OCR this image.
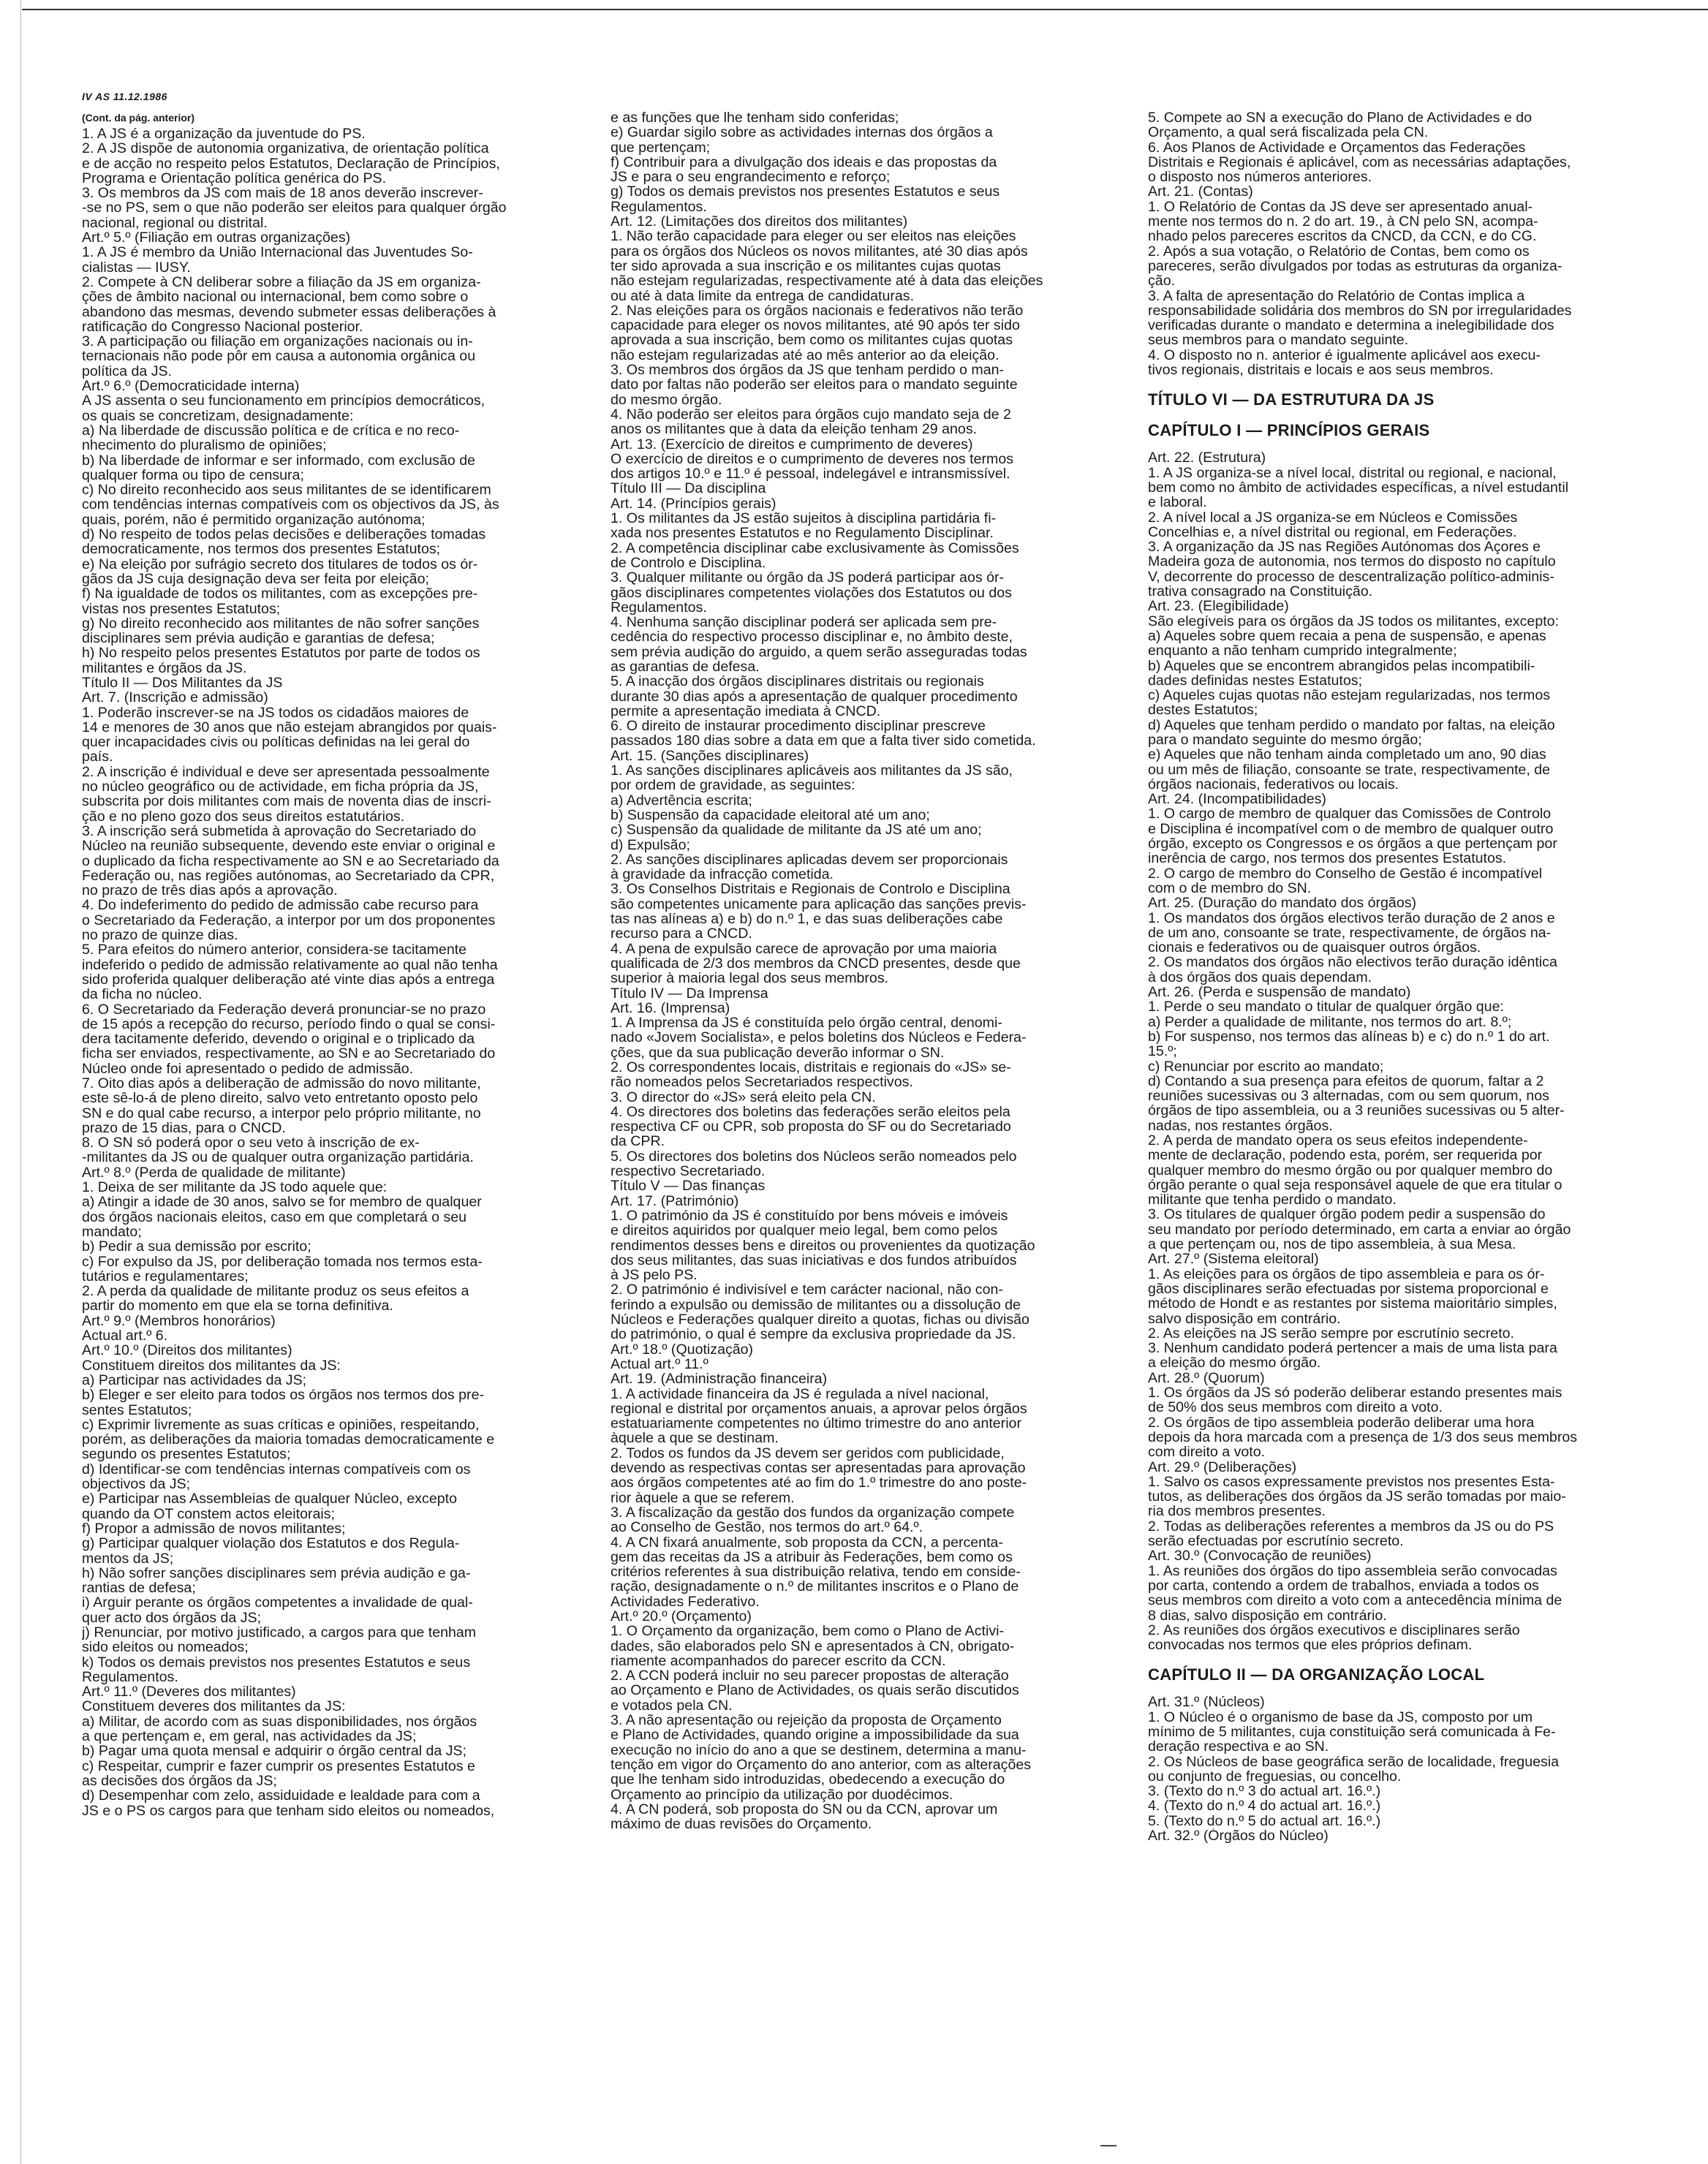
IV AS 11.12.1986
(Cont. da pág. anterior)
1. A JS é a organização da juventude do PS.
2. A JS dispõe de autonomia organizativa, de orientação política
e de acção no respeito pelos Estatutos, Declaração de Princípios,
Programa e Orientação política genérica do PS.
3. Os membros da JS com mais de 18 anos deverão inscrever-
-se no PS, sem o que não poderão ser eleitos para qualquer órgão
nacional, regional ou distrital.
Art.º 5.º (Filiação em outras organizações)
1. A JS é membro da União Internacional das Juventudes So-
cialistas — IUSY.
2. Compete à CN deliberar sobre a filiação da JS em organiza-
ções de âmbito nacional ou internacional, bem como sobre o
abandono das mesmas, devendo submeter essas deliberações à
ratificação do Congresso Nacional posterior.
3. A participação ou filiação em organizações nacionais ou in-
ternacionais não pode pôr em causa a autonomia orgânica ou
política da JS.
Art.º 6.º (Democraticidade interna)
A JS assenta o seu funcionamento em princípios democráticos,
os quais se concretizam, designadamente:
a) Na liberdade de discussão política e de crítica e no reco-
nhecimento do pluralismo de opiniões;
b) Na liberdade de informar e ser informado, com exclusão de
qualquer forma ou tipo de censura;
c) No direito reconhecido aos seus militantes de se identificarem
com tendências internas compatíveis com os objectivos da JS, às
quais, porém, não é permitido organização autónoma;
d) No respeito de todos pelas decisões e deliberações tomadas
democraticamente, nos termos dos presentes Estatutos;
e) Na eleição por sufrágio secreto dos titulares de todos os ór-
gãos da JS cuja designação deva ser feita por eleição;
f) Na igualdade de todos os militantes, com as excepções pre-
vistas nos presentes Estatutos;
g) No direito reconhecido aos militantes de não sofrer sanções
disciplinares sem prévia audição e garantias de defesa;
h) No respeito pelos presentes Estatutos por parte de todos os
militantes e órgãos da JS.
Título II — Dos Militantes da JS
Art. 7. (Inscrição e admissão)
1. Poderão inscrever-se na JS todos os cidadãos maiores de
14 e menores de 30 anos que não estejam abrangidos por quais-
quer incapacidades civis ou políticas definidas na lei geral do
país.
2. A inscrição é individual e deve ser apresentada pessoalmente
no núcleo geográfico ou de actividade, em ficha própria da JS,
subscrita por dois militantes com mais de noventa dias de inscri-
ção e no pleno gozo dos seus direitos estatutários.
3. A inscrição será submetida à aprovação do Secretariado do
Núcleo na reunião subsequente, devendo este enviar o original e
o duplicado da ficha respectivamente ao SN e ao Secretariado da
Federação ou, nas regiões autónomas, ao Secretariado da CPR,
no prazo de três dias após a aprovação.
4. Do indeferimento do pedido de admissão cabe recurso para
o Secretariado da Federação, a interpor por um dos proponentes
no prazo de quinze dias.
5. Para efeitos do número anterior, considera-se tacitamente
indeferido o pedido de admissão relativamente ao qual não tenha
sido proferida qualquer deliberação até vinte dias após a entrega
da ficha no núcleo.
6. O Secretariado da Federação deverá pronunciar-se no prazo
de 15 após a recepção do recurso, período findo o qual se consi-
dera tacitamente deferido, devendo o original e o triplicado da
ficha ser enviados, respectivamente, ao SN e ao Secretariado do
Núcleo onde foi apresentado o pedido de admissão.
7. Oito dias após a deliberação de admissão do novo militante,
este sê-lo-á de pleno direito, salvo veto entretanto oposto pelo
SN e do qual cabe recurso, a interpor pelo próprio militante, no
prazo de 15 dias, para o CNCD.
8. O SN só poderá opor o seu veto à inscrição de ex-
-militantes da JS ou de qualquer outra organização partidária.
Art.º 8.º (Perda de qualidade de militante)
1. Deixa de ser militante da JS todo aquele que:
a) Atingir a idade de 30 anos, salvo se for membro de qualquer
dos órgãos nacionais eleitos, caso em que completará o seu
mandato;
b) Pedir a sua demissão por escrito;
c) For expulso da JS, por deliberação tomada nos termos esta-
tutários e regulamentares;
2. A perda da qualidade de militante produz os seus efeitos a
partir do momento em que ela se torna definitiva.
Art.º 9.º (Membros honorários)
Actual art.º 6.
Art.º 10.º (Direitos dos militantes)
Constituem direitos dos militantes da JS:
a) Participar nas actividades da JS;
b) Eleger e ser eleito para todos os órgãos nos termos dos pre-
sentes Estatutos;
c) Exprimir livremente as suas críticas e opiniões, respeitando,
porém, as deliberações da maioria tomadas democraticamente e
segundo os presentes Estatutos;
d) Identificar-se com tendências internas compatíveis com os
objectivos da JS;
e) Participar nas Assembleias de qualquer Núcleo, excepto
quando da OT constem actos eleitorais;
f) Propor a admissão de novos militantes;
g) Participar qualquer violação dos Estatutos e dos Regula-
mentos da JS;
h) Não sofrer sanções disciplinares sem prévia audição e ga-
rantias de defesa;
i) Arguir perante os órgãos competentes a invalidade de qual-
quer acto dos órgãos da JS;
j) Renunciar, por motivo justificado, a cargos para que tenham
sido eleitos ou nomeados;
k) Todos os demais previstos nos presentes Estatutos e seus
Regulamentos.
Art.º 11.º (Deveres dos militantes)
Constituem deveres dos militantes da JS:
a) Militar, de acordo com as suas disponibilidades, nos órgãos
a que pertençam e, em geral, nas actividades da JS;
b) Pagar uma quota mensal e adquirir o órgão central da JS;
c) Respeitar, cumprir e fazer cumprir os presentes Estatutos e
as decisões dos órgãos da JS;
d) Desempenhar com zelo, assiduidade e lealdade para com a
JS e o PS os cargos para que tenham sido eleitos ou nomeados,
e as funções que lhe tenham sido conferidas;
e) Guardar sigilo sobre as actividades internas dos órgãos a
que pertençam;
f) Contribuir para a divulgação dos ideais e das propostas da
JS e para o seu engrandecimento e reforço;
g) Todos os demais previstos nos presentes Estatutos e seus
Regulamentos.
Art. 12. (Limitações dos direitos dos militantes)
1. Não terão capacidade para eleger ou ser eleitos nas eleições
para os órgãos dos Núcleos os novos militantes, até 30 dias após
ter sido aprovada a sua inscrição e os militantes cujas quotas
não estejam regularizadas, respectivamente até à data das eleições
ou até à data limite da entrega de candidaturas.
2. Nas eleições para os órgãos nacionais e federativos não terão
capacidade para eleger os novos militantes, até 90 após ter sido
aprovada a sua inscrição, bem como os militantes cujas quotas
não estejam regularizadas até ao mês anterior ao da eleição.
3. Os membros dos órgãos da JS que tenham perdido o man-
dato por faltas não poderão ser eleitos para o mandato seguinte
do mesmo órgão.
4. Não poderão ser eleitos para órgãos cujo mandato seja de 2
anos os militantes que à data da eleição tenham 29 anos.
Art. 13. (Exercício de direitos e cumprimento de deveres)
O exercício de direitos e o cumprimento de deveres nos termos
dos artigos 10.º e 11.º é pessoal, indelegável e intransmissível.
Título III — Da disciplina
Art. 14. (Princípios gerais)
1. Os militantes da JS estão sujeitos à disciplina partidária fi-
xada nos presentes Estatutos e no Regulamento Disciplinar.
2. A competência disciplinar cabe exclusivamente às Comissões
de Controlo e Disciplina.
3. Qualquer militante ou órgão da JS poderá participar aos ór-
gãos disciplinares competentes violações dos Estatutos ou dos
Regulamentos.
4. Nenhuma sanção disciplinar poderá ser aplicada sem pre-
cedência do respectivo processo disciplinar e, no âmbito deste,
sem prévia audição do arguido, a quem serão asseguradas todas
as garantias de defesa.
5. A inacção dos órgãos disciplinares distritais ou regionais
durante 30 dias após a apresentação de qualquer procedimento
permite a apresentação imediata à CNCD.
6. O direito de instaurar procedimento disciplinar prescreve
passados 180 dias sobre a data em que a falta tiver sido cometida.
Art. 15. (Sanções disciplinares)
1. As sanções disciplinares aplicáveis aos militantes da JS são,
por ordem de gravidade, as seguintes:
a) Advertência escrita;
b) Suspensão da capacidade eleitoral até um ano;
c) Suspensão da qualidade de militante da JS até um ano;
d) Expulsão;
2. As sanções disciplinares aplicadas devem ser proporcionais
à gravidade da infracção cometida.
3. Os Conselhos Distritais e Regionais de Controlo e Disciplina
são competentes unicamente para aplicação das sanções previs-
tas nas alíneas a) e b) do n.º 1, e das suas deliberações cabe
recurso para a CNCD.
4. A pena de expulsão carece de aprovação por uma maioria
qualificada de 2/3 dos membros da CNCD presentes, desde que
superior à maioria legal dos seus membros.
Título IV — Da Imprensa
Art. 16. (Imprensa)
1. A Imprensa da JS é constituída pelo órgão central, denomi-
nado «Jovem Socialista», e pelos boletins dos Núcleos e Federa-
ções, que da sua publicação deverão informar o SN.
2. Os correspondentes locais, distritais e regionais do «JS» se-
rão nomeados pelos Secretariados respectivos.
3. O director do «JS» será eleito pela CN.
4. Os directores dos boletins das federações serão eleitos pela
respectiva CF ou CPR, sob proposta do SF ou do Secretariado
da CPR.
5. Os directores dos boletins dos Núcleos serão nomeados pelo
respectivo Secretariado.
Título V — Das finanças
Art. 17. (Património)
1. O património da JS é constituído por bens móveis e imóveis
e direitos aquiridos por qualquer meio legal, bem como pelos
rendimentos desses bens e direitos ou provenientes da quotização
dos seus militantes, das suas iniciativas e dos fundos atribuídos
à JS pelo PS.
2. O património é indivisível e tem carácter nacional, não con-
ferindo a expulsão ou demissão de militantes ou a dissolução de
Núcleos e Federações qualquer direito a quotas, fichas ou divisão
do património, o qual é sempre da exclusiva propriedade da JS.
Art.º 18.º (Quotização)
Actual art.º 11.º
Art. 19. (Administração financeira)
1. A actividade financeira da JS é regulada a nível nacional,
regional e distrital por orçamentos anuais, a aprovar pelos órgãos
estatuariamente competentes no último trimestre do ano anterior
àquele a que se destinam.
2. Todos os fundos da JS devem ser geridos com publicidade,
devendo as respectivas contas ser apresentadas para aprovação
aos órgãos competentes até ao fim do 1.º trimestre do ano poste-
rior àquele a que se referem.
3. A fiscalização da gestão dos fundos da organização compete
ao Conselho de Gestão, nos termos do art.º 64.º.
4. A CN fixará anualmente, sob proposta da CCN, a percenta-
gem das receitas da JS a atribuir às Federações, bem como os
critérios referentes à sua distribuição relativa, tendo em conside-
ração, designadamente o n.º de militantes inscritos e o Plano de
Actividades Federativo.
Art.º 20.º (Orçamento)
1. O Orçamento da organização, bem como o Plano de Activi-
dades, são elaborados pelo SN e apresentados à CN, obrigato-
riamente acompanhados do parecer escrito da CCN.
2. A CCN poderá incluir no seu parecer propostas de alteração
ao Orçamento e Plano de Actividades, os quais serão discutidos
e votados pela CN.
3. A não apresentação ou rejeição da proposta de Orçamento
e Plano de Actividades, quando origine a impossibilidade da sua
execução no início do ano a que se destinem, determina a manu-
tenção em vigor do Orçamento do ano anterior, com as alterações
que lhe tenham sido introduzidas, obedecendo a execução do
Orçamento ao princípio da utilização por duodécimos.
4. A CN poderá, sob proposta do SN ou da CCN, aprovar um
máximo de duas revisões do Orçamento.
5. Compete ao SN a execução do Plano de Actividades e do
Orçamento, a qual será fiscalizada pela CN.
6. Aos Planos de Actividade e Orçamentos das Federações
Distritais e Regionais é aplicável, com as necessárias adaptações,
o disposto nos números anteriores.
Art. 21. (Contas)
1. O Relatório de Contas da JS deve ser apresentado anual-
mente nos termos do n. 2 do art. 19., à CN pelo SN, acompa-
nhado pelos pareceres escritos da CNCD, da CCN, e do CG.
2. Após a sua votação, o Relatório de Contas, bem como os
pareceres, serão divulgados por todas as estruturas da organiza-
ção.
3. A falta de apresentação do Relatório de Contas implica a
responsabilidade solidária dos membros do SN por irregularidades
verificadas durante o mandato e determina a inelegibilidade dos
seus membros para o mandato seguinte.
4. O disposto no n. anterior é igualmente aplicável aos execu-
tivos regionais, distritais e locais e aos seus membros.
TÍTULO VI — DA ESTRUTURA DA JS
CAPÍTULO I — PRINCÍPIOS GERAIS
Art. 22. (Estrutura)
1. A JS organiza-se a nível local, distrital ou regional, e nacional,
bem como no âmbito de actividades específicas, a nível estudantil
e laboral.
2. A nível local a JS organiza-se em Núcleos e Comissões
Concelhias e, a nível distrital ou regional, em Federações.
3. A organização da JS nas Regiões Autónomas dos Açores e
Madeira goza de autonomia, nos termos do disposto no capítulo
V, decorrente do processo de descentralização político-adminis-
trativa consagrado na Constituição.
Art. 23. (Elegibilidade)
São elegíveis para os órgãos da JS todos os militantes, excepto:
a) Aqueles sobre quem recaia a pena de suspensão, e apenas
enquanto a não tenham cumprido integralmente;
b) Aqueles que se encontrem abrangidos pelas incompatibili-
dades definidas nestes Estatutos;
c) Aqueles cujas quotas não estejam regularizadas, nos termos
destes Estatutos;
d) Aqueles que tenham perdido o mandato por faltas, na eleição
para o mandato seguinte do mesmo órgão;
e) Aqueles que não tenham ainda completado um ano, 90 dias
ou um mês de filiação, consoante se trate, respectivamente, de
órgãos nacionais, federativos ou locais.
Art. 24. (Incompatibilidades)
1. O cargo de membro de qualquer das Comissões de Controlo
e Disciplina é incompatível com o de membro de qualquer outro
órgão, excepto os Congressos e os órgãos a que pertençam por
inerência de cargo, nos termos dos presentes Estatutos.
2. O cargo de membro do Conselho de Gestão é incompatível
com o de membro do SN.
Art. 25. (Duração do mandato dos órgãos)
1. Os mandatos dos órgãos electivos terão duração de 2 anos e
de um ano, consoante se trate, respectivamente, de órgãos na-
cionais e federativos ou de quaisquer outros órgãos.
2. Os mandatos dos órgãos não electivos terão duração idêntica
à dos órgãos dos quais dependam.
Art. 26. (Perda e suspensão de mandato)
1. Perde o seu mandato o titular de qualquer órgão que:
a) Perder a qualidade de militante, nos termos do art. 8.º;
b) For suspenso, nos termos das alíneas b) e c) do n.º 1 do art.
15.º;
c) Renunciar por escrito ao mandato;
d) Contando a sua presença para efeitos de quorum, faltar a 2
reuniões sucessivas ou 3 alternadas, com ou sem quorum, nos
órgãos de tipo assembleia, ou a 3 reuniões sucessivas ou 5 alter-
nadas, nos restantes órgãos.
2. A perda de mandato opera os seus efeitos independente-
mente de declaração, podendo esta, porém, ser requerida por
qualquer membro do mesmo órgão ou por qualquer membro do
órgão perante o qual seja responsável aquele de que era titular o
militante que tenha perdido o mandato.
3. Os titulares de qualquer órgão podem pedir a suspensão do
seu mandato por período determinado, em carta a enviar ao órgão
a que pertençam ou, nos de tipo assembleia, à sua Mesa.
Art. 27.º (Sistema eleitoral)
1. As eleições para os órgãos de tipo assembleia e para os ór-
gãos disciplinares serão efectuadas por sistema proporcional e
método de Hondt e as restantes por sistema maioritário simples,
salvo disposição em contrário.
2. As eleições na JS serão sempre por escrutínio secreto.
3. Nenhum candidato poderá pertencer a mais de uma lista para
a eleição do mesmo órgão.
Art. 28.º (Quorum)
1. Os órgãos da JS só poderão deliberar estando presentes mais
de 50% dos seus membros com direito a voto.
2. Os órgãos de tipo assembleia poderão deliberar uma hora
depois da hora marcada com a presença de 1/3 dos seus membros
com direito a voto.
Art. 29.º (Deliberações)
1. Salvo os casos expressamente previstos nos presentes Esta-
tutos, as deliberações dos órgãos da JS serão tomadas por maio-
ria dos membros presentes.
2. Todas as deliberações referentes a membros da JS ou do PS
serão efectuadas por escrutínio secreto.
Art. 30.º (Convocação de reuniões)
1. As reuniões dos órgãos do tipo assembleia serão convocadas
por carta, contendo a ordem de trabalhos, enviada a todos os
seus membros com direito a voto com a antecedência mínima de
8 dias, salvo disposição em contrário.
2. As reuniões dos órgãos executivos e disciplinares serão
convocadas nos termos que eles próprios definam.
CAPÍTULO II — DA ORGANIZAÇÃO LOCAL
Art. 31.º (Núcleos)
1. O Núcleo é o organismo de base da JS, composto por um
mínimo de 5 militantes, cuja constituição será comunicada à Fe-
deração respectiva e ao SN.
2. Os Núcleos de base geográfica serão de localidade, freguesia
ou conjunto de freguesias, ou concelho.
3. (Texto do n.º 3 do actual art. 16.º.)
4. (Texto do n.º 4 do actual art. 16.º.)
5. (Texto do n.º 5 do actual art. 16.º.)
Art. 32.º (Órgãos do Núcleo)
